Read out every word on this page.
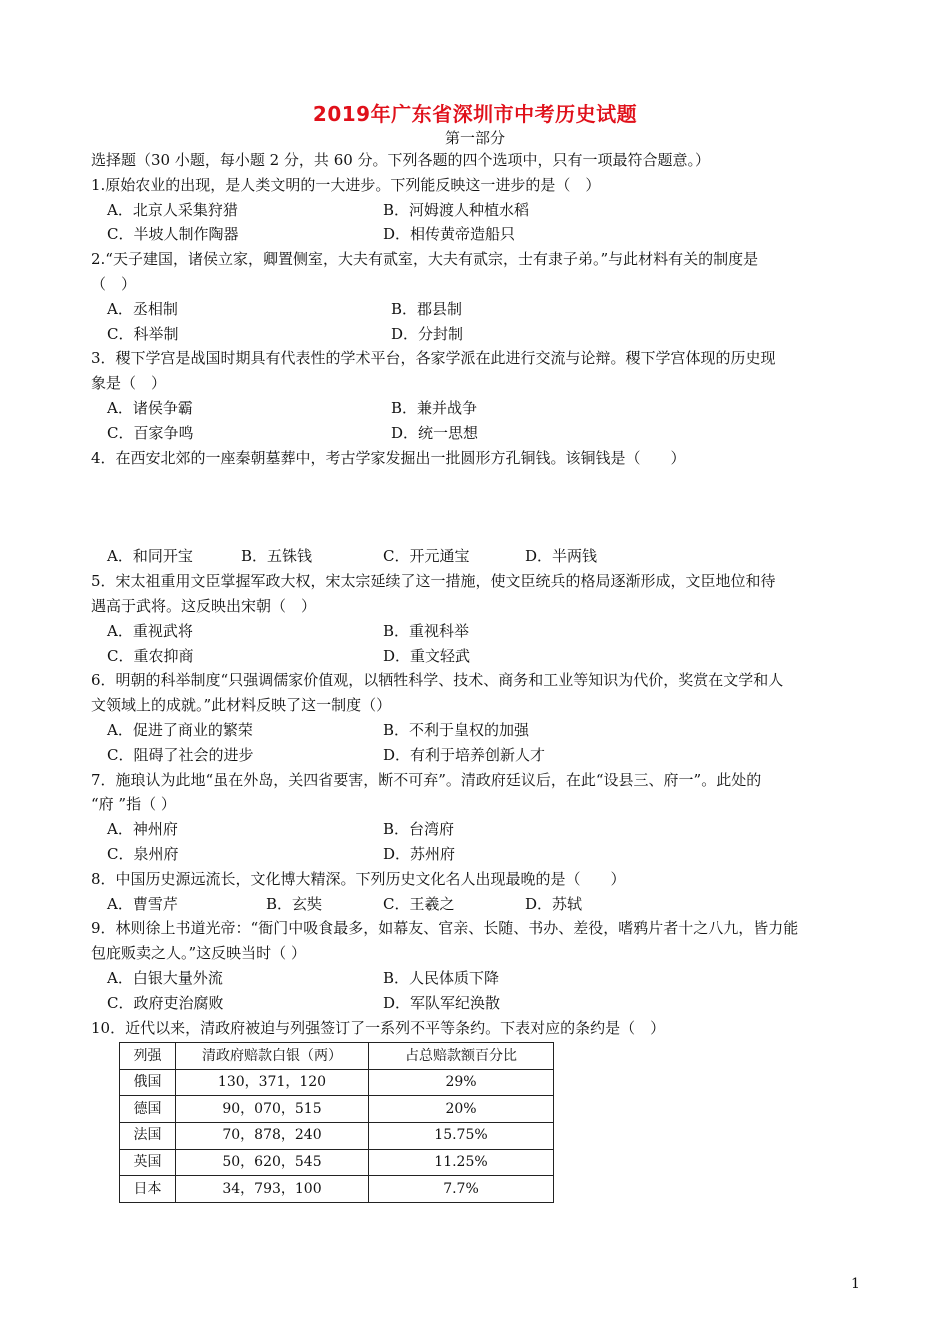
2019年广东省深圳市中考历史试题
第一部分
选择题（30 小题，每小题 2 分，共 60 分。下列各题的四个选项中，只有一项最符合题意。）
1.原始农业的出现，是人类文明的一大进步。下列能反映这一进步的是（　）
A．北京人采集狩猎	B．河姆渡人种植水稻
C．半坡人制作陶器	D．相传黄帝造船只
2.“天子建国，诸侯立家，卿置侧室，大夫有贰室，大夫有贰宗，士有隶子弟。”与此材料有关的制度是
（　）
A．丞相制	B．郡县制
C．科举制	D．分封制
3．稷下学宫是战国时期具有代表性的学术平台，各家学派在此进行交流与论辩。稷下学宫体现的历史现
象是（　）
A．诸侯争霸	B．兼并战争
C．百家争鸣	D．统一思想
4．在西安北郊的一座秦朝墓葬中，考古学家发掘出一批圆形方孔铜钱。该铜钱是（　　）
A．和同开宝	B．五铢钱	C．开元通宝	D．半两钱
5．宋太祖重用文臣掌握军政大权，宋太宗延续了这一措施，使文臣统兵的格局逐渐形成，文臣地位和待
遇高于武将。这反映出宋朝（　）
A．重视武将	B．重视科举
C．重农抑商	D．重文轻武
6．明朝的科举制度“只强调儒家价值观，以牺牲科学、技术、商务和工业等知识为代价，奖赏在文学和人
文领域上的成就。”此材料反映了这一制度（）
A．促进了商业的繁荣	B．不利于皇权的加强
C．阻碍了社会的进步	D．有利于培养创新人才
7．施琅认为此地“虽在外岛，关四省要害，断不可弃”。清政府廷议后，在此“设县三、府一”。此处的
“府 ”指（ ）
A．神州府	B．台湾府
C．泉州府	D．苏州府
8．中国历史源远流长，文化博大精深。下列历史文化名人出现最晚的是（　　）
A．曹雪芹	B．玄奘	C．王羲之	D．苏轼
9．林则徐上书道光帝：“衙门中吸食最多，如幕友、官亲、长随、书办、差役，嗜鸦片者十之八九，皆力能
包庇贩卖之人。”这反映当时（ ）
A．白银大量外流	B．人民体质下降
C．政府吏治腐败	D．军队军纪涣散
10．近代以来，清政府被迫与列强签订了一系列不平等条约。下表对应的条约是（　）
列强	清政府赔款白银（两）	占总赔款额百分比
俄国	130，371，120	29%
德国	90，070，515	20%
法国	70，878，240	15.75%
英国	50，620，545	11.25%
日本	34，793，100	7.7%
1
